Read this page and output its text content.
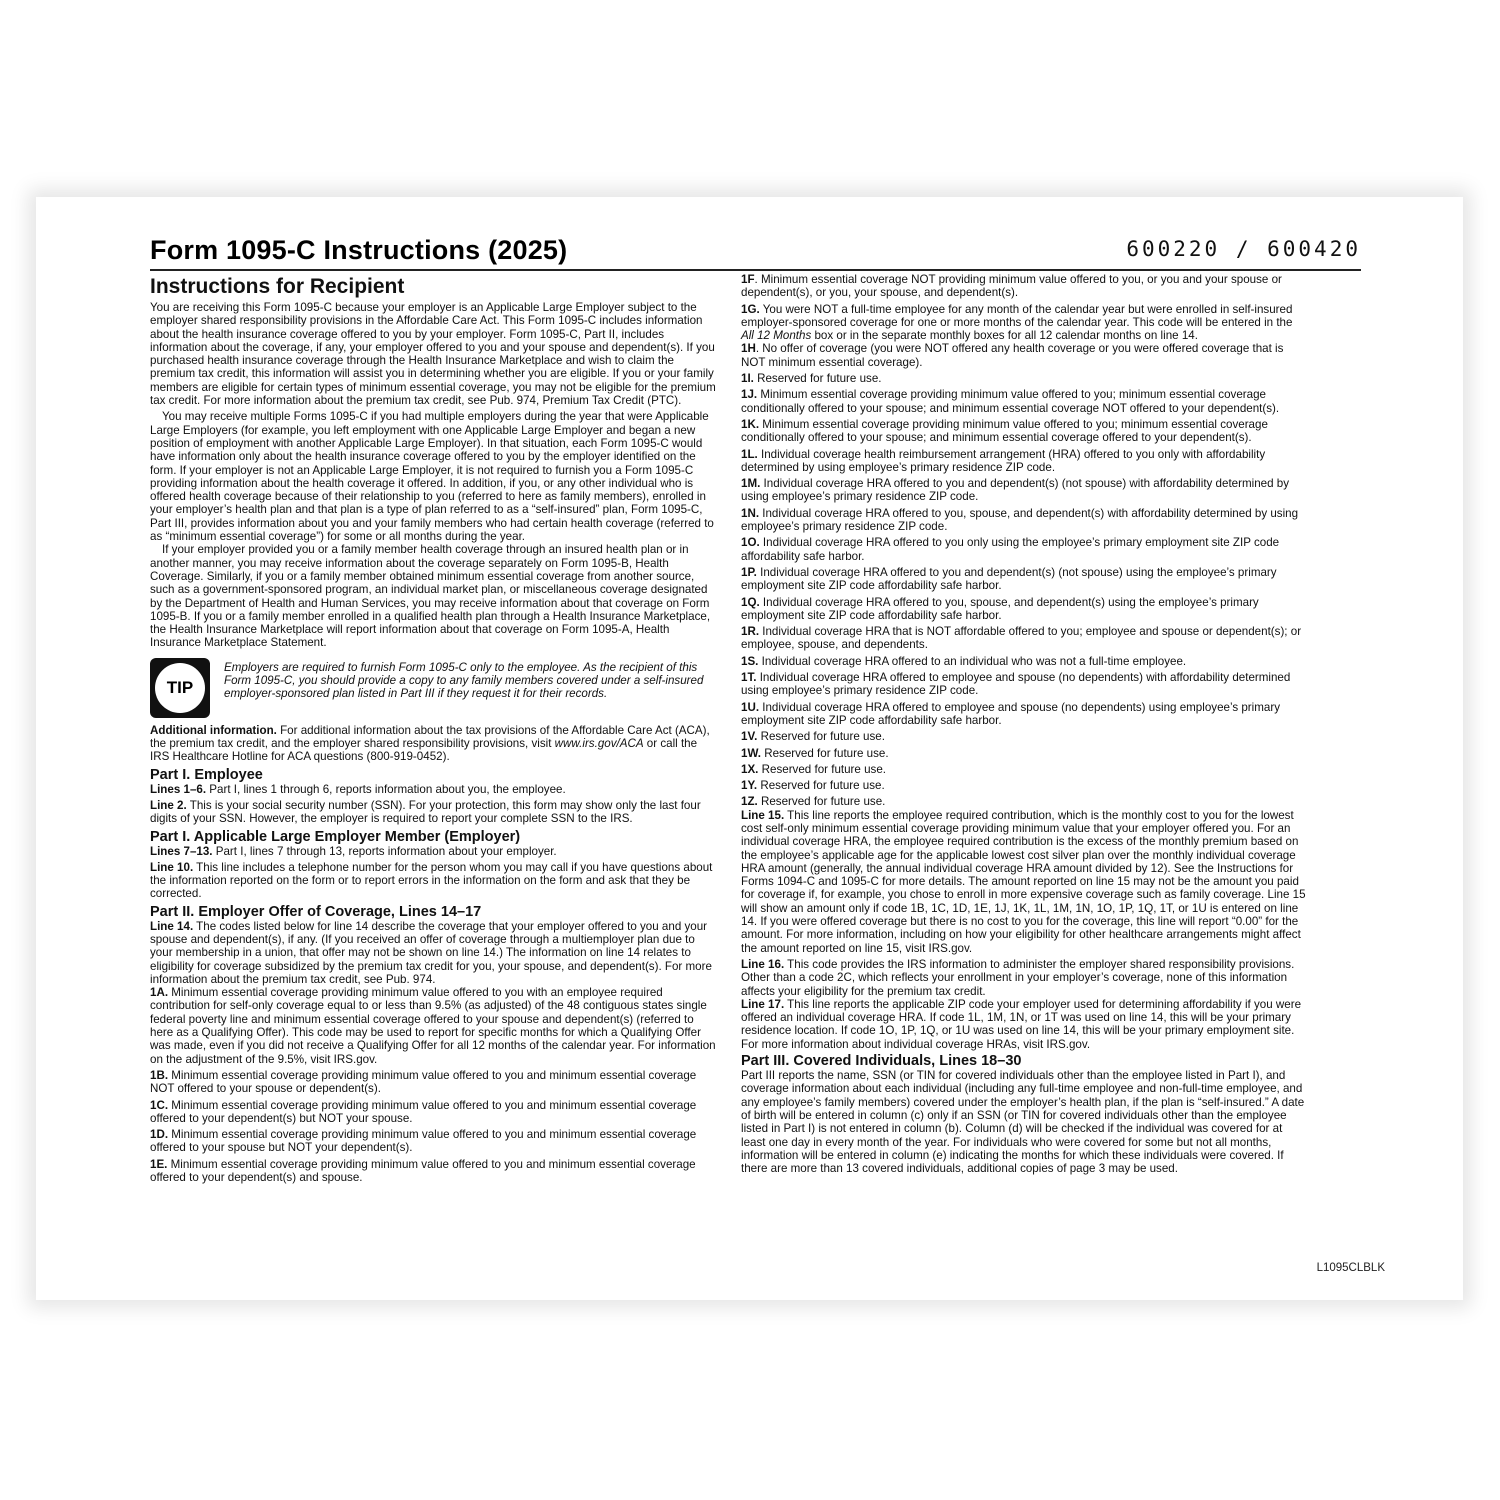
Form 1095-C Instructions (2025)	600220 / 600420
Instructions for Recipient

You are receiving this Form 1095-C because your employer is an Applicable Large Employer subject to the employer shared responsibility provisions in the Affordable Care Act. This Form 1095-C includes information about the health insurance coverage offered to you by your employer. Form 1095-C, Part II, includes information about the coverage, if any, your employer offered to you and your spouse and dependent(s). If you purchased health insurance coverage through the Health Insurance Marketplace and wish to claim the premium tax credit, this information will assist you in determining whether you are eligible. If you or your family members are eligible for certain types of minimum essential coverage, you may not be eligible for the premium tax credit. For more information about the premium tax credit, see Pub. 974, Premium Tax Credit (PTC).

You may receive multiple Forms 1095-C if you had multiple employers during the year that were Applicable Large Employers (for example, you left employment with one Applicable Large Employer and began a new position of employment with another Applicable Large Employer). In that situation, each Form 1095-C would have information only about the health insurance coverage offered to you by the employer identified on the form. If your employer is not an Applicable Large Employer, it is not required to furnish you a Form 1095-C providing information about the health coverage it offered. In addition, if you, or any other individual who is offered health coverage because of their relationship to you (referred to here as family members), enrolled in your employer’s health plan and that plan is a type of plan referred to as a “self-insured” plan, Form 1095-C, Part III, provides information about you and your family members who had certain health coverage (referred to as “minimum essential coverage”) for some or all months during the year.

If your employer provided you or a family member health coverage through an insured health plan or in another manner, you may receive information about the coverage separately on Form 1095-B, Health Coverage. Similarly, if you or a family member obtained minimum essential coverage from another source, such as a government-sponsored program, an individual market plan, or miscellaneous coverage designated by the Department of Health and Human Services, you may receive information about that coverage on Form 1095-B. If you or a family member enrolled in a qualified health plan through a Health Insurance Marketplace, the Health Insurance Marketplace will report information about that coverage on Form 1095-A, Health Insurance Marketplace Statement.

TIP
Employers are required to furnish Form 1095-C only to the employee. As the recipient of this Form 1095-C, you should provide a copy to any family members covered under a self-insured employer-sponsored plan listed in Part III if they request it for their records.

Additional information. For additional information about the tax provisions of the Affordable Care Act (ACA), the premium tax credit, and the employer shared responsibility provisions, visit www.irs.gov/ACA or call the IRS Healthcare Hotline for ACA questions (800-919-0452).

Part I. Employee

Lines 1–6. Part I, lines 1 through 6, reports information about you, the employee.

Line 2. This is your social security number (SSN). For your protection, this form may show only the last four digits of your SSN. However, the employer is required to report your complete SSN to the IRS.

Part I. Applicable Large Employer Member (Employer)

Lines 7–13. Part I, lines 7 through 13, reports information about your employer.

Line 10. This line includes a telephone number for the person whom you may call if you have questions about the information reported on the form or to report errors in the information on the form and ask that they be corrected.

Part II. Employer Offer of Coverage, Lines 14–17

Line 14. The codes listed below for line 14 describe the coverage that your employer offered to you and your spouse and dependent(s), if any. (If you received an offer of coverage through a multiemployer plan due to your membership in a union, that offer may not be shown on line 14.) The information on line 14 relates to eligibility for coverage subsidized by the premium tax credit for you, your spouse, and dependent(s). For more information about the premium tax credit, see Pub. 974.

1A. Minimum essential coverage providing minimum value offered to you with an employee required contribution for self-only coverage equal to or less than 9.5% (as adjusted) of the 48 contiguous states single federal poverty line and minimum essential coverage offered to your spouse and dependent(s) (referred to here as a Qualifying Offer). This code may be used to report for specific months for which a Qualifying Offer was made, even if you did not receive a Qualifying Offer for all 12 months of the calendar year. For information on the adjustment of the 9.5%, visit IRS.gov.

1B. Minimum essential coverage providing minimum value offered to you and minimum essential coverage NOT offered to your spouse or dependent(s).

1C. Minimum essential coverage providing minimum value offered to you and minimum essential coverage offered to your dependent(s) but NOT your spouse.

1D. Minimum essential coverage providing minimum value offered to you and minimum essential coverage offered to your spouse but NOT your dependent(s).

1E. Minimum essential coverage providing minimum value offered to you and minimum essential coverage offered to your dependent(s) and spouse.

1F. Minimum essential coverage NOT providing minimum value offered to you, or you and your spouse or dependent(s), or you, your spouse, and dependent(s).

1G. You were NOT a full-time employee for any month of the calendar year but were enrolled in self-insured employer-sponsored coverage for one or more months of the calendar year. This code will be entered in the All 12 Months box or in the separate monthly boxes for all 12 calendar months on line 14.

1H. No offer of coverage (you were NOT offered any health coverage or you were offered coverage that is NOT minimum essential coverage).

1I. Reserved for future use.

1J. Minimum essential coverage providing minimum value offered to you; minimum essential coverage conditionally offered to your spouse; and minimum essential coverage NOT offered to your dependent(s).

1K. Minimum essential coverage providing minimum value offered to you; minimum essential coverage conditionally offered to your spouse; and minimum essential coverage offered to your dependent(s).

1L. Individual coverage health reimbursement arrangement (HRA) offered to you only with affordability determined by using employee’s primary residence ZIP code.

1M. Individual coverage HRA offered to you and dependent(s) (not spouse) with affordability determined by using employee’s primary residence ZIP code.

1N. Individual coverage HRA offered to you, spouse, and dependent(s) with affordability determined by using employee’s primary residence ZIP code.

1O. Individual coverage HRA offered to you only using the employee’s primary employment site ZIP code affordability safe harbor.

1P. Individual coverage HRA offered to you and dependent(s) (not spouse) using the employee’s primary employment site ZIP code affordability safe harbor.

1Q. Individual coverage HRA offered to you, spouse, and dependent(s) using the employee’s primary employment site ZIP code affordability safe harbor.

1R. Individual coverage HRA that is NOT affordable offered to you; employee and spouse or dependent(s); or employee, spouse, and dependents.

1S. Individual coverage HRA offered to an individual who was not a full-time employee.

1T. Individual coverage HRA offered to employee and spouse (no dependents) with affordability determined using employee’s primary residence ZIP code.

1U. Individual coverage HRA offered to employee and spouse (no dependents) using employee’s primary employment site ZIP code affordability safe harbor.

1V. Reserved for future use.

1W. Reserved for future use.

1X. Reserved for future use.

1Y. Reserved for future use.

1Z. Reserved for future use.

Line 15. This line reports the employee required contribution, which is the monthly cost to you for the lowest cost self-only minimum essential coverage providing minimum value that your employer offered you. For an individual coverage HRA, the employee required contribution is the excess of the monthly premium based on the employee’s applicable age for the applicable lowest cost silver plan over the monthly individual coverage HRA amount (generally, the annual individual coverage HRA amount divided by 12). See the Instructions for Forms 1094-C and 1095-C for more details. The amount reported on line 15 may not be the amount you paid for coverage if, for example, you chose to enroll in more expensive coverage such as family coverage. Line 15 will show an amount only if code 1B, 1C, 1D, 1E, 1J, 1K, 1L, 1M, 1N, 1O, 1P, 1Q, 1T, or 1U is entered on line 14. If you were offered coverage but there is no cost to you for the coverage, this line will report “0.00” for the amount. For more information, including on how your eligibility for other healthcare arrangements might affect the amount reported on line 15, visit IRS.gov.

Line 16. This code provides the IRS information to administer the employer shared responsibility provisions. Other than a code 2C, which reflects your enrollment in your employer’s coverage, none of this information affects your eligibility for the premium tax credit.

Line 17. This line reports the applicable ZIP code your employer used for determining affordability if you were offered an individual coverage HRA. If code 1L, 1M, 1N, or 1T was used on line 14, this will be your primary residence location. If code 1O, 1P, 1Q, or 1U was used on line 14, this will be your primary employment site. For more information about individual coverage HRAs, visit IRS.gov.

Part III. Covered Individuals, Lines 18–30

Part III reports the name, SSN (or TIN for covered individuals other than the employee listed in Part I), and coverage information about each individual (including any full-time employee and non-full-time employee, and any employee’s family members) covered under the employer’s health plan, if the plan is “self-insured.” A date of birth will be entered in column (c) only if an SSN (or TIN for covered individuals other than the employee listed in Part I) is not entered in column (b). Column (d) will be checked if the individual was covered for at least one day in every month of the year. For individuals who were covered for some but not all months, information will be entered in column (e) indicating the months for which these individuals were covered. If there are more than 13 covered individuals, additional copies of page 3 may be used.

L1095CLBLK
